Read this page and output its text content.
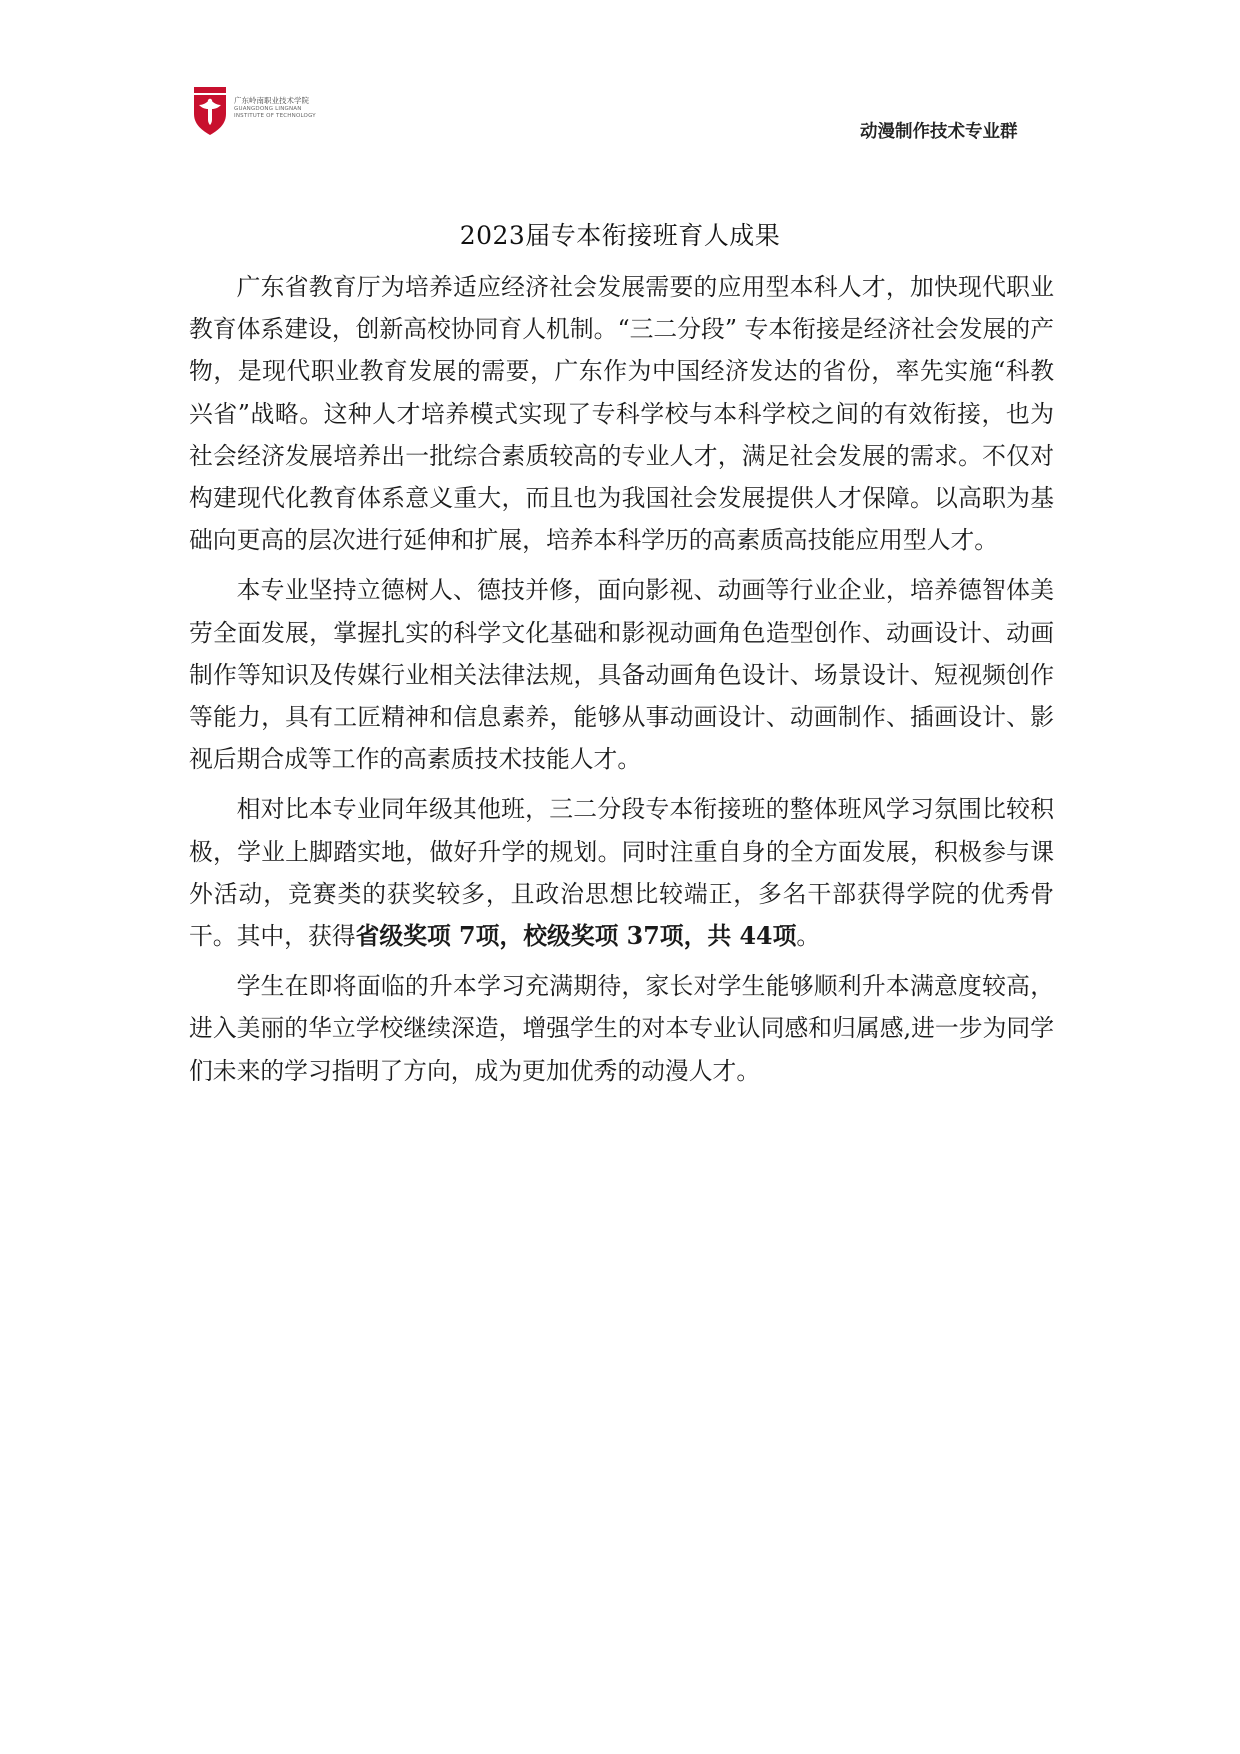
广东岭南职业技术学院
GUANGDONG LINGNAN
INSTITUTE OF TECHNOLOGY
动漫制作技术专业群
2023届专本衔接班育人成果

广东省教育厅为培养适应经济社会发展需要的应用型本科人才，加快现代职业教育体系建设，创新高校协同育人机制。“三二分段” 专本衔接是经济社会发展的产物，是现代职业教育发展的需要，广东作为中国经济发达的省份，率先实施“科教兴省”战略。这种人才培养模式实现了专科学校与本科学校之间的有效衔接，也为社会经济发展培养出一批综合素质较高的专业人才，满足社会发展的需求。不仅对构建现代化教育体系意义重大，而且也为我国社会发展提供人才保障。以高职为基础向更高的层次进行延伸和扩展，培养本科学历的高素质高技能应用型人才。

本专业坚持立德树人、德技并修，面向影视、动画等行业企业，培养德智体美劳全面发展，掌握扎实的科学文化基础和影视动画角色造型创作、动画设计、动画制作等知识及传媒行业相关法律法规，具备动画角色设计、场景设计、短视频创作等能力，具有工匠精神和信息素养，能够从事动画设计、动画制作、插画设计、影视后期合成等工作的高素质技术技能人才。

相对比本专业同年级其他班，三二分段专本衔接班的整体班风学习氛围比较积极，学业上脚踏实地，做好升学的规划。同时注重自身的全方面发展，积极参与课外活动，竞赛类的获奖较多，且政治思想比较端正，多名干部获得学院的优秀骨干。其中，获得省级奖项 7项，校级奖项 37项，共 44项。

学生在即将面临的升本学习充满期待，家长对学生能够顺利升本满意度较高，进入美丽的华立学校继续深造，增强学生的对本专业认同感和归属感,进一步为同学们未来的学习指明了方向，成为更加优秀的动漫人才。
